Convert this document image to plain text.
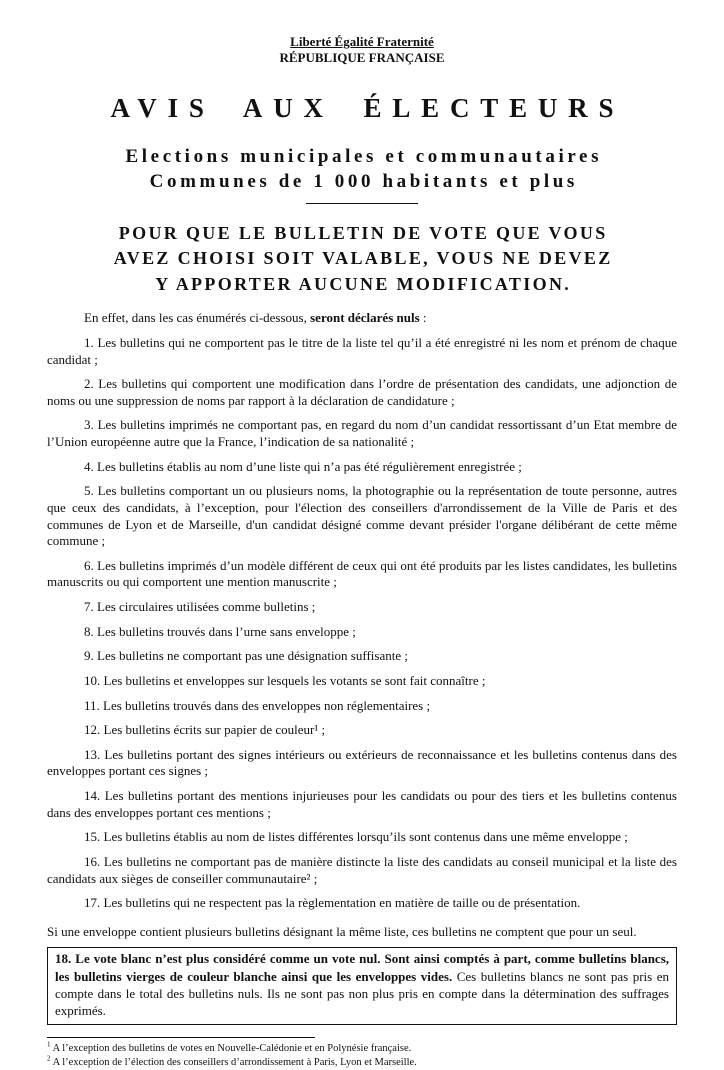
Liberté Égalité Fraternité
RÉPUBLIQUE FRANÇAISE
AVIS AUX ÉLECTEURS
Elections municipales et communautaires
Communes de 1 000 habitants et plus
POUR QUE LE BULLETIN DE VOTE QUE VOUS
AVEZ CHOISI SOIT VALABLE, VOUS NE DEVEZ
Y APPORTER AUCUNE MODIFICATION.

En effet, dans les cas énumérés ci-dessous, seront déclarés nuls :

1. Les bulletins qui ne comportent pas le titre de la liste tel qu’il a été enregistré ni les nom et prénom de chaque candidat ;

2. Les bulletins qui comportent une modification dans l’ordre de présentation des candidats, une adjonction de noms ou une suppression de noms par rapport à la déclaration de candidature ;

3. Les bulletins imprimés ne comportant pas, en regard du nom d’un candidat ressortissant d’un Etat membre de l’Union européenne autre que la France, l’indication de sa nationalité ;

4. Les bulletins établis au nom d’une liste qui n’a pas été régulièrement enregistrée ;

5. Les bulletins comportant un ou plusieurs noms, la photographie ou la représentation de toute personne, autres que ceux des candidats, à l’exception, pour l'élection des conseillers d'arrondissement de la Ville de Paris et des communes de Lyon et de Marseille, d'un candidat désigné comme devant présider l'organe délibérant de cette même commune ;

6. Les bulletins imprimés d’un modèle différent de ceux qui ont été produits par les listes candidates, les bulletins manuscrits ou qui comportent une mention manuscrite ;

7. Les circulaires utilisées comme bulletins ;

8. Les bulletins trouvés dans l’urne sans enveloppe ;

9. Les bulletins ne comportant pas une désignation suffisante ;

10. Les bulletins et enveloppes sur lesquels les votants se sont fait connaître ;

11. Les bulletins trouvés dans des enveloppes non réglementaires ;

12. Les bulletins écrits sur papier de couleur¹ ;

13. Les bulletins portant des signes intérieurs ou extérieurs de reconnaissance et les bulletins contenus dans des enveloppes portant ces signes ;

14. Les bulletins portant des mentions injurieuses pour les candidats ou pour des tiers et les bulletins contenus dans des enveloppes portant ces mentions ;

15. Les bulletins établis au nom de listes différentes lorsqu’ils sont contenus dans une même enveloppe ;

16. Les bulletins ne comportant pas de manière distincte la liste des candidats au conseil municipal et la liste des candidats aux sièges de conseiller communautaire² ;

17. Les bulletins qui ne respectent pas la règlementation en matière de taille ou de présentation.

Si une enveloppe contient plusieurs bulletins désignant la même liste, ces bulletins ne comptent que pour un seul.

18. Le vote blanc n’est plus considéré comme un vote nul. Sont ainsi comptés à part, comme bulletins blancs, les bulletins vierges de couleur blanche ainsi que les enveloppes vides. Ces bulletins blancs ne sont pas pris en compte dans le total des bulletins nuls. Ils ne sont pas non plus pris en compte dans la détermination des suffrages exprimés.
$^1$ A l’exception des bulletins de votes en Nouvelle-Calédonie et en Polynésie française.
$^2$ A l’exception de l’élection des conseillers d’arrondissement à Paris, Lyon et Marseille.
